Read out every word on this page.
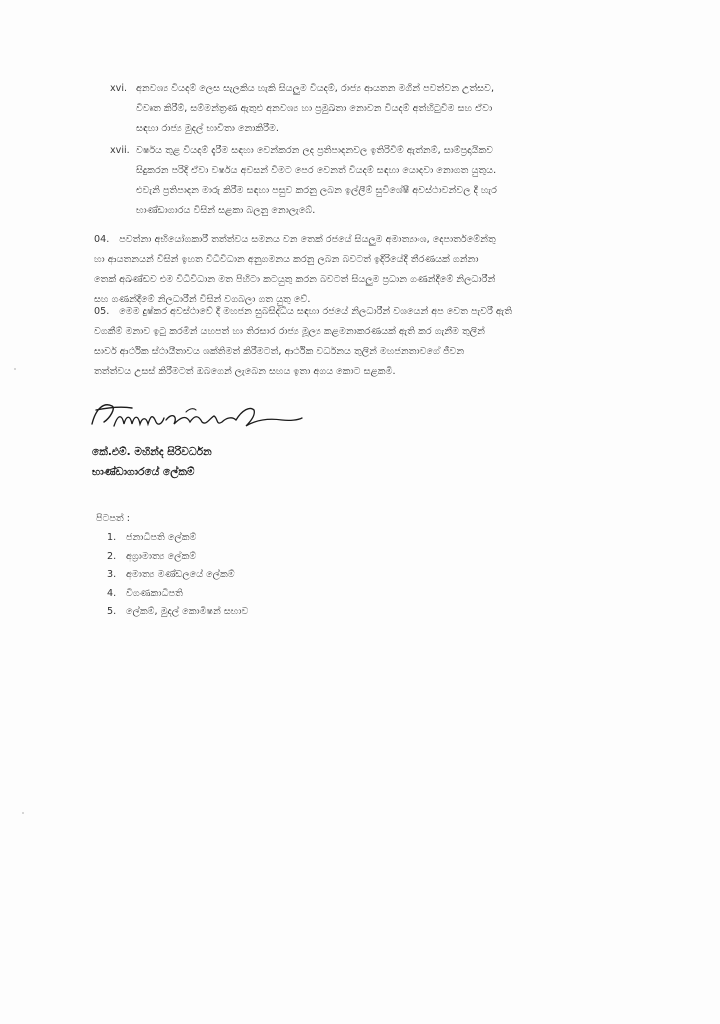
xvi. අනවශ්‍ය වියදම් ලෙස සැලකිය හැකි සියලුම වියදම්, රාජ්‍ය ආයතන මගින් පවත්වන උත්සව,

විවෘත කිරීම්, සම්මන්ත්‍රණ ඇතුළු අනවශ්‍ය හා ප්‍රමුඛතා නොවන වියදම් අත්හිටුවීම සහ ඒවා

සඳහා රාජ්‍ය මුදල් භාවිතා නොකිරීම.

xvii. වර්ෂය තුළ වියදම් දැරීම සඳහා වෙන්කරන ලද ප්‍රතිපාදනවල ඉතිරිවීම් ඇත්නම්, සාම්ප්‍රදායිකව

සිදුකරන පරිදි ඒවා වර්ෂය අවසන් වීමට පෙර වෙනත් වියදම් සඳහා යොදවා නොගත යුතුය.

එවැනි ප්‍රතිපාදන මාරු කිරීම සඳහා පසුව කරනු ලබන ඉල්ලීම් සුවිශේෂී අවස්ථාවන්වල දී හැර

භාණ්ඩාගාරය විසින් සළකා බලනු නොලැබේ.

04. පවත්නා අභියෝගකාරී තත්ත්වය සමනය වන තෙක් රජයේ සියලුම අමාත්‍යාංශ, දෙපාර්තමේන්තු

හා ආයතනයන් විසින් ඉහත විධිවිධාන අනුගමනය කරනු ලබන බවටත් ඉදිරියේදී තීරණයක් ගන්නා

තෙක් අඛණ්ඩව එම විධිවිධාන මත පිහිටා කටයුතු කරන බවටත් සියලුම ප්‍රධාන ගණන්දීමේ නිලධාරීන්

සහ ගණන්දීමේ නිලධාරීන් විසින් වගබලා ගත යුතු වේ.

05. මෙම දුෂ්කර අවස්ථාවේ දී මහජන සුබසිද්ධිය සඳහා රජයේ නිලධාරීන් වශයෙන් අප වෙත පැවරී ඇති

වගකීම් මනාව ඉටු කරමින් යහපත් හා තිරසාර රාජ්‍ය මූල්‍ය කළමනාකරණයක් ඇති කර ගැනීම තුලින්

සාර්ව ආර්ථික ස්ථායීතාවය ශක්තිමත් කිරීමටත්, ආර්ථික වර්ධනය තුලින් මහජනතාවගේ ජීවන

තත්ත්වය උසස් කිරීමටත් ඔබගෙන් ලැබෙන සහය ඉතා අගය කොට සළකමි.

කේ.එම්. මහින්ද සිරිවර්ධන
භාණ්ඩාගාරයේ ලේකම්

පිටපත් :

1. ජනාධිපති ලේකම්
2. අග්‍රාමාත්‍ය ලේකම්
3. අමාත්‍ය මණ්ඩලයේ ලේකම්
4. විගණකාධිපති
5. ලේකම්, මුදල් කොමිෂන් සභාව
